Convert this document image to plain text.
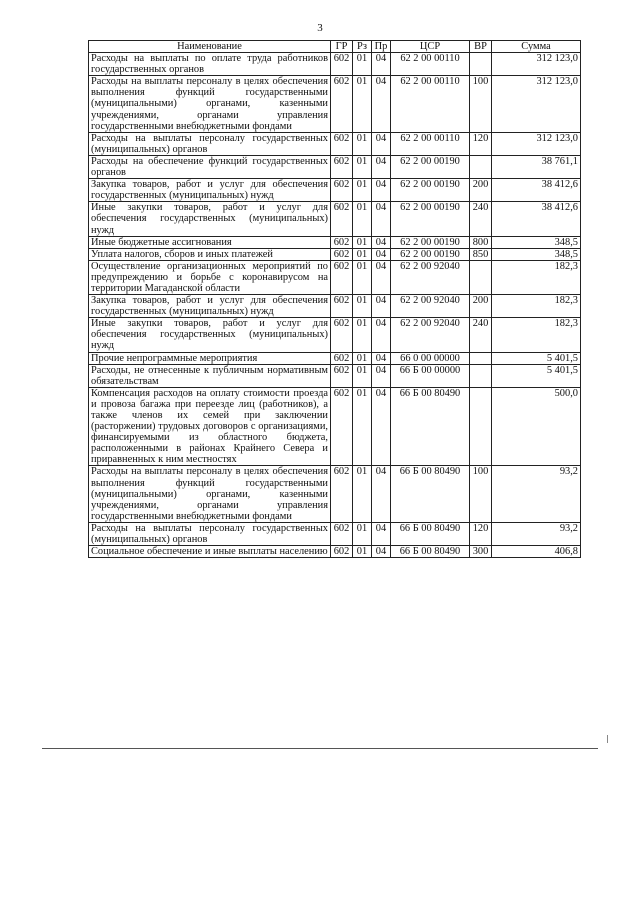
3
Наименование	ГР	Рз	Пр	ЦСР	ВР	Сумма
Расходы на выплаты по оплате труда работников государственных органов	602	01	04	62 2 00 00110		312 123,0
Расходы на выплаты персоналу в целях обеспечения выполнения функций государственными (муниципальными) органами, казенными учреждениями, органами управления государственными внебюджетными фондами	602	01	04	62 2 00 00110	100	312 123,0
Расходы на выплаты персоналу государственных (муниципальных) органов	602	01	04	62 2 00 00110	120	312 123,0
Расходы на обеспечение функций государственных органов	602	01	04	62 2 00 00190		38 761,1
Закупка товаров, работ и услуг для обеспечения государственных (муниципальных) нужд	602	01	04	62 2 00 00190	200	38 412,6
Иные закупки товаров, работ и услуг для обеспечения государственных (муниципальных) нужд	602	01	04	62 2 00 00190	240	38 412,6
Иные бюджетные ассигнования	602	01	04	62 2 00 00190	800	348,5
Уплата налогов, сборов и иных платежей	602	01	04	62 2 00 00190	850	348,5
Осуществление организационных мероприятий по предупреждению и борьбе с коронавирусом на территории Магаданской области	602	01	04	62 2 00 92040		182,3
Закупка товаров, работ и услуг для обеспечения государственных (муниципальных) нужд	602	01	04	62 2 00 92040	200	182,3
Иные закупки товаров, работ и услуг для обеспечения государственных (муниципальных) нужд	602	01	04	62 2 00 92040	240	182,3
Прочие непрограммные мероприятия	602	01	04	66 0 00 00000		5 401,5
Расходы, не отнесенные к публичным нормативным обязательствам	602	01	04	66 Б 00 00000		5 401,5
Компенсация расходов на оплату стоимости проезда и провоза багажа при переезде лиц (работников), а также членов их семей при заключении (расторжении) трудовых договоров с организациями, финансируемыми из областного бюджета, расположенными в районах Крайнего Севера и приравненных к ним местностях	602	01	04	66 Б 00 80490		500,0
Расходы на выплаты персоналу в целях обеспечения выполнения функций государственными (муниципальными) органами, казенными учреждениями, органами управления государственными внебюджетными фондами	602	01	04	66 Б 00 80490	100	93,2
Расходы на выплаты персоналу государственных (муниципальных) органов	602	01	04	66 Б 00 80490	120	93,2
Социальное обеспечение и иные выплаты населению	602	01	04	66 Б 00 80490	300	406,8
